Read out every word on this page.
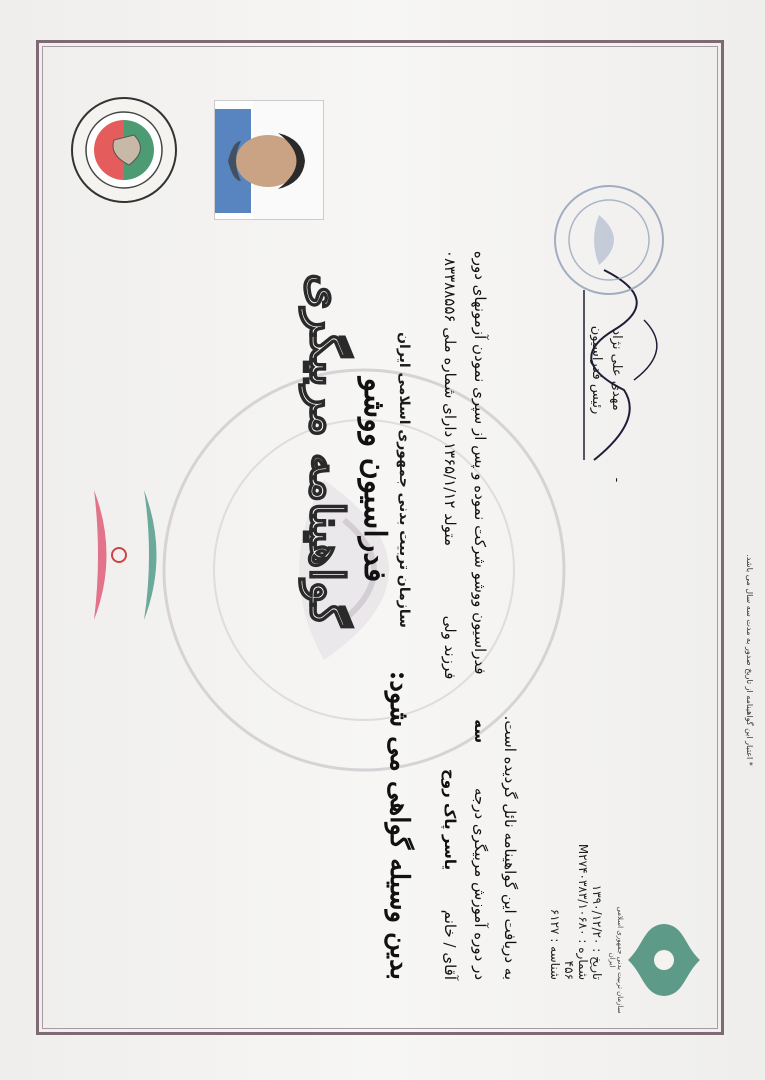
سازمان تربیت بدنی جمهوری اسلامی ایران
فدراسیون ووشو
گواهینامه مربیگری
سازمان تربیت بدنی جمهوری اسلامی ایران
تاریخ : ۱۳۹۰/۱۲/۲۰
شماره : M۲۷۴۰۳۸۳/۱۰۶۸۰
۴۵۶
شناسه : ۶۱۲۷
بدین وسیله گواهی می شود: آقای / خانم  یاسر پاک روح  فرزند ولی  متولد ۱۳۶۵/۱/۱۲ دارای شماره ملی ۰۸۳۳۸۸۵۵۶
در دوره آموزش مربیگری درجه سه فدراسیون ووشو شرکت نموده و پس از سپری نمودن آزمونهای دوره
به دریافت این گواهینامه نائل گردیده است.
مهدی علی نژاد
رئیس فدراسیون
-
* اعتبار این گواهینامه از تاریخ صدور به مدت سه سال می باشد.
